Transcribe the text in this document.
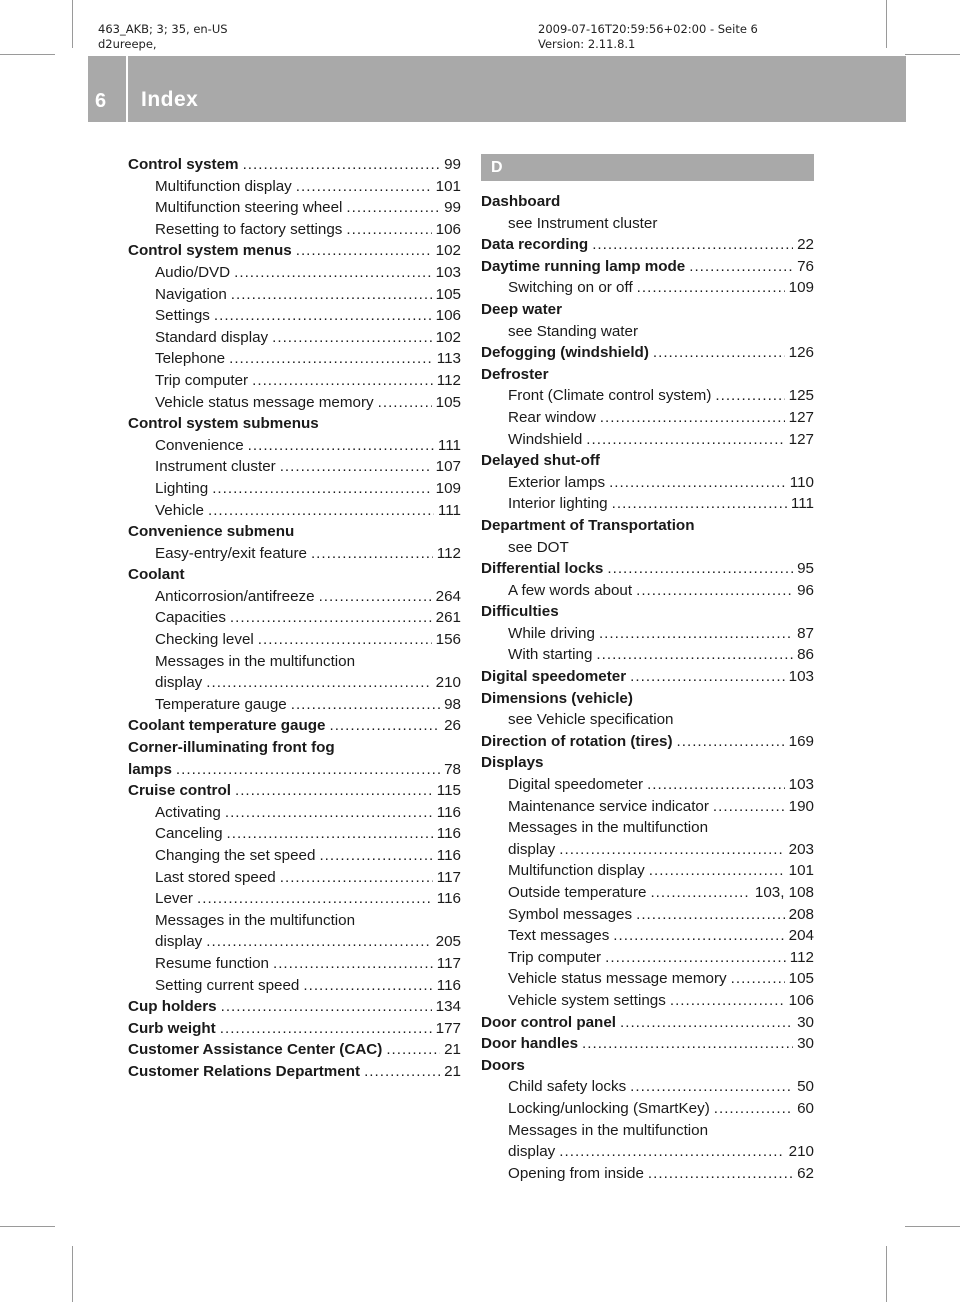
463_AKB; 3; 35, en-US
d2ureepe,
2009-07-16T20:59:56+02:00 - Seite 6
Version: 2.11.8.1
6 Index
Control system .....	99
Multifunction display .....	101
Multifunction steering wheel .....	99
Resetting to factory settings .....	106
Control system menus .....	102
Audio/DVD .....	103
Navigation .....	105
Settings .....	106
Standard display .....	102
Telephone .....	113
Trip computer .....	112
Vehicle status message memory .....	105
Control system submenus
Convenience .....	111
Instrument cluster .....	107
Lighting .....	109
Vehicle .....	111
Convenience submenu
Easy-entry/exit feature .....	112
Coolant
Anticorrosion/antifreeze .....	264
Capacities .....	261
Checking level .....	156
Messages in the multifunction
display .....	210
Temperature gauge .....	98
Coolant temperature gauge .....	26
Corner-illuminating front fog
lamps .....	78
Cruise control .....	115
Activating .....	116
Canceling .....	116
Changing the set speed .....	116
Last stored speed .....	117
Lever .....	116
Messages in the multifunction
display .....	205
Resume function .....	117
Setting current speed .....	116
Cup holders .....	134
Curb weight .....	177
Customer Assistance Center (CAC) .....	21
Customer Relations Department .....	21
D
Dashboard
see Instrument cluster
Data recording .....	22
Daytime running lamp mode .....	76
Switching on or off .....	109
Deep water
see Standing water
Defogging (windshield) .....	126
Defroster
Front (Climate control system) .....	125
Rear window .....	127
Windshield .....	127
Delayed shut-off
Exterior lamps .....	110
Interior lighting .....	111
Department of Transportation
see DOT
Differential locks .....	95
A few words about .....	96
Difficulties
While driving .....	87
With starting .....	86
Digital speedometer .....	103
Dimensions (vehicle)
see Vehicle specification
Direction of rotation (tires) .....	169
Displays
Digital speedometer .....	103
Maintenance service indicator .....	190
Messages in the multifunction
display .....	203
Multifunction display .....	101
Outside temperature .....	103, 108
Symbol messages .....	208
Text messages .....	204
Trip computer .....	112
Vehicle status message memory .....	105
Vehicle system settings .....	106
Door control panel .....	30
Door handles .....	30
Doors
Child safety locks .....	50
Locking/unlocking (SmartKey) .....	60
Messages in the multifunction
display .....	210
Opening from inside .....	62
